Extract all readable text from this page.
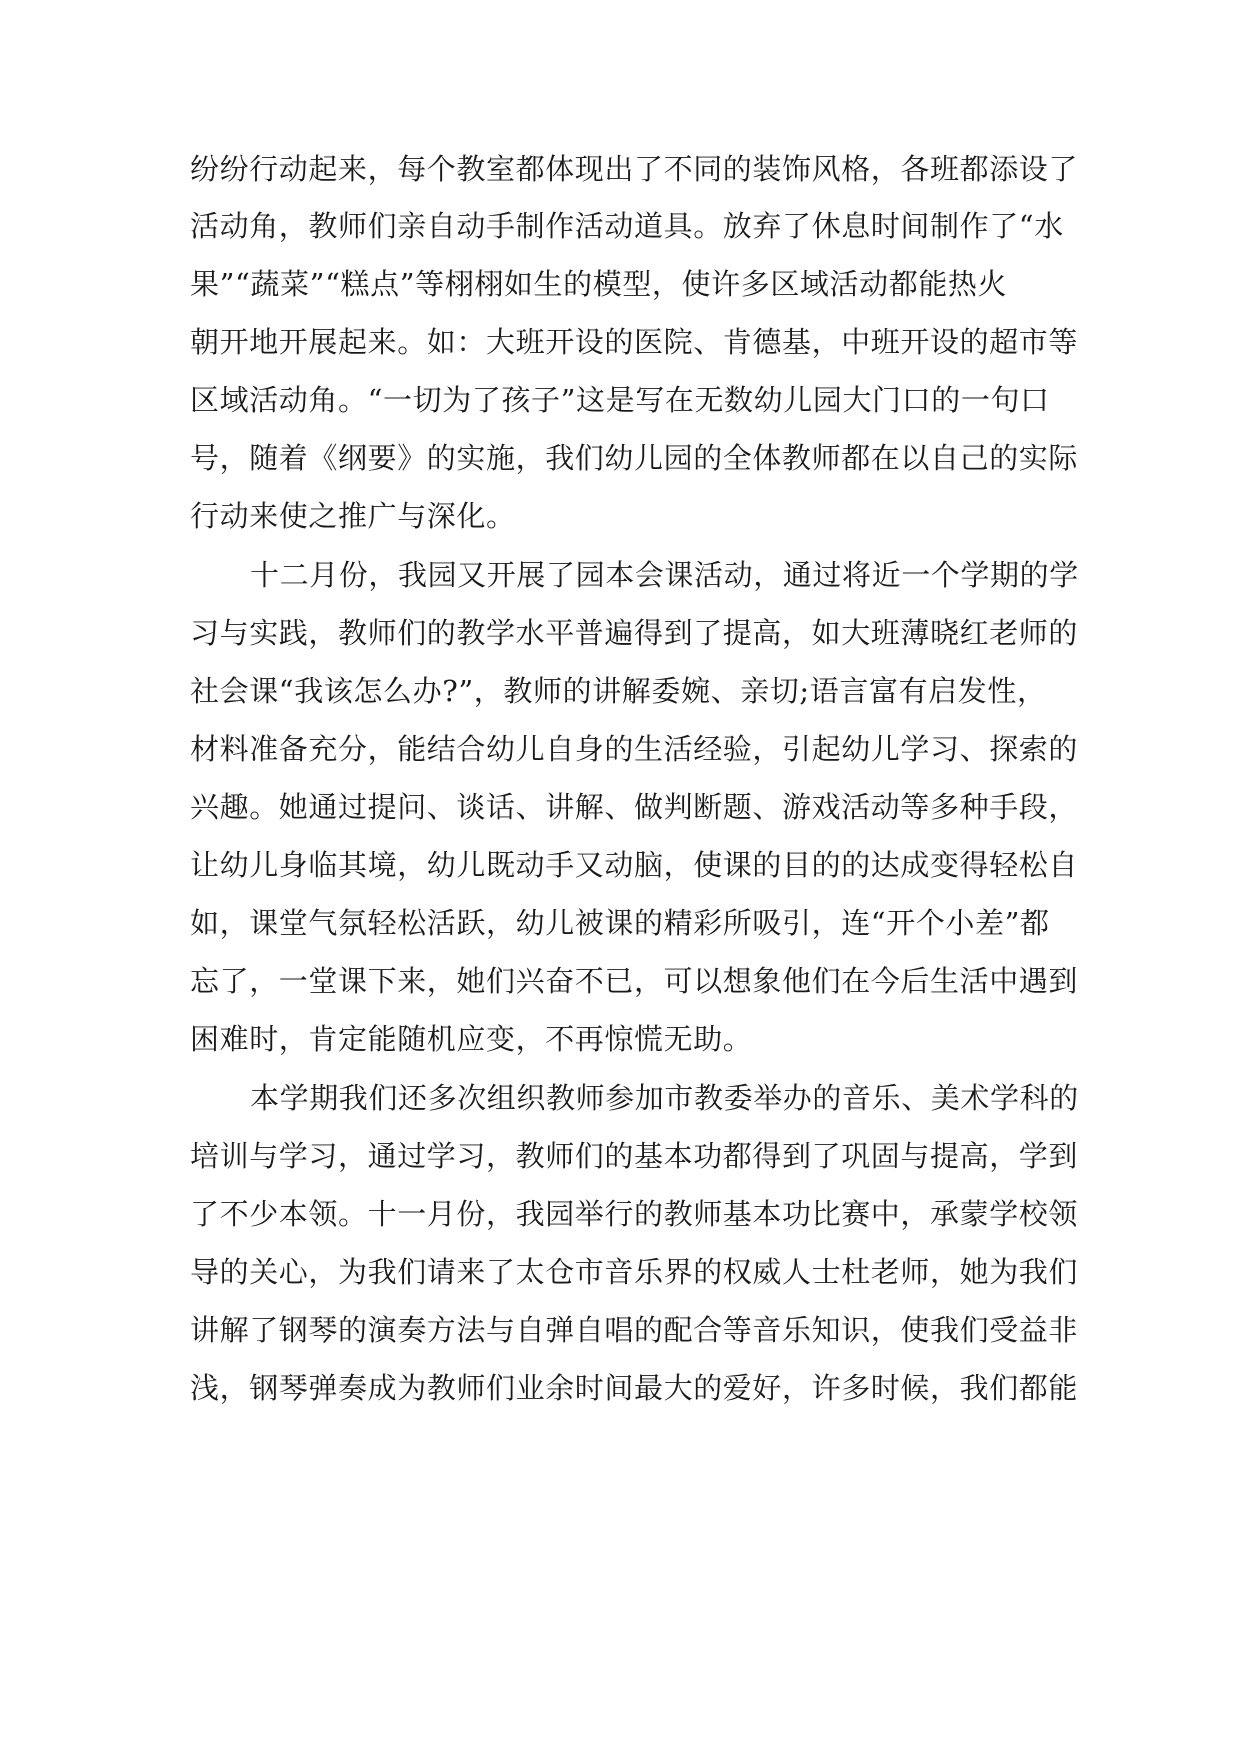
纷纷行动起来，每个教室都体现出了不同的装饰风格，各班都添设了
活动角，教师们亲自动手制作活动道具。放弃了休息时间制作了“水
果”“蔬菜”“糕点”等栩栩如生的模型，使许多区域活动都能热火
朝开地开展起来。如：大班开设的医院、肯德基，中班开设的超市等
区域活动角。“一切为了孩子”这是写在无数幼儿园大门口的一句口
号，随着《纲要》的实施，我们幼儿园的全体教师都在以自己的实际
行动来使之推广与深化。
十二月份，我园又开展了园本会课活动，通过将近一个学期的学
习与实践，教师们的教学水平普遍得到了提高，如大班薄晓红老师的
社会课“我该怎么办?”，教师的讲解委婉、亲切;语言富有启发性，
材料准备充分，能结合幼儿自身的生活经验，引起幼儿学习、探索的
兴趣。她通过提问、谈话、讲解、做判断题、游戏活动等多种手段，
让幼儿身临其境，幼儿既动手又动脑，使课的目的的达成变得轻松自
如，课堂气氛轻松活跃，幼儿被课的精彩所吸引，连“开个小差”都
忘了，一堂课下来，她们兴奋不已，可以想象他们在今后生活中遇到
困难时，肯定能随机应变，不再惊慌无助。
本学期我们还多次组织教师参加市教委举办的音乐、美术学科的
培训与学习，通过学习，教师们的基本功都得到了巩固与提高，学到
了不少本领。十一月份，我园举行的教师基本功比赛中，承蒙学校领
导的关心，为我们请来了太仓市音乐界的权威人士杜老师，她为我们
讲解了钢琴的演奏方法与自弹自唱的配合等音乐知识，使我们受益非
浅，钢琴弹奏成为教师们业余时间最大的爱好，许多时候，我们都能
